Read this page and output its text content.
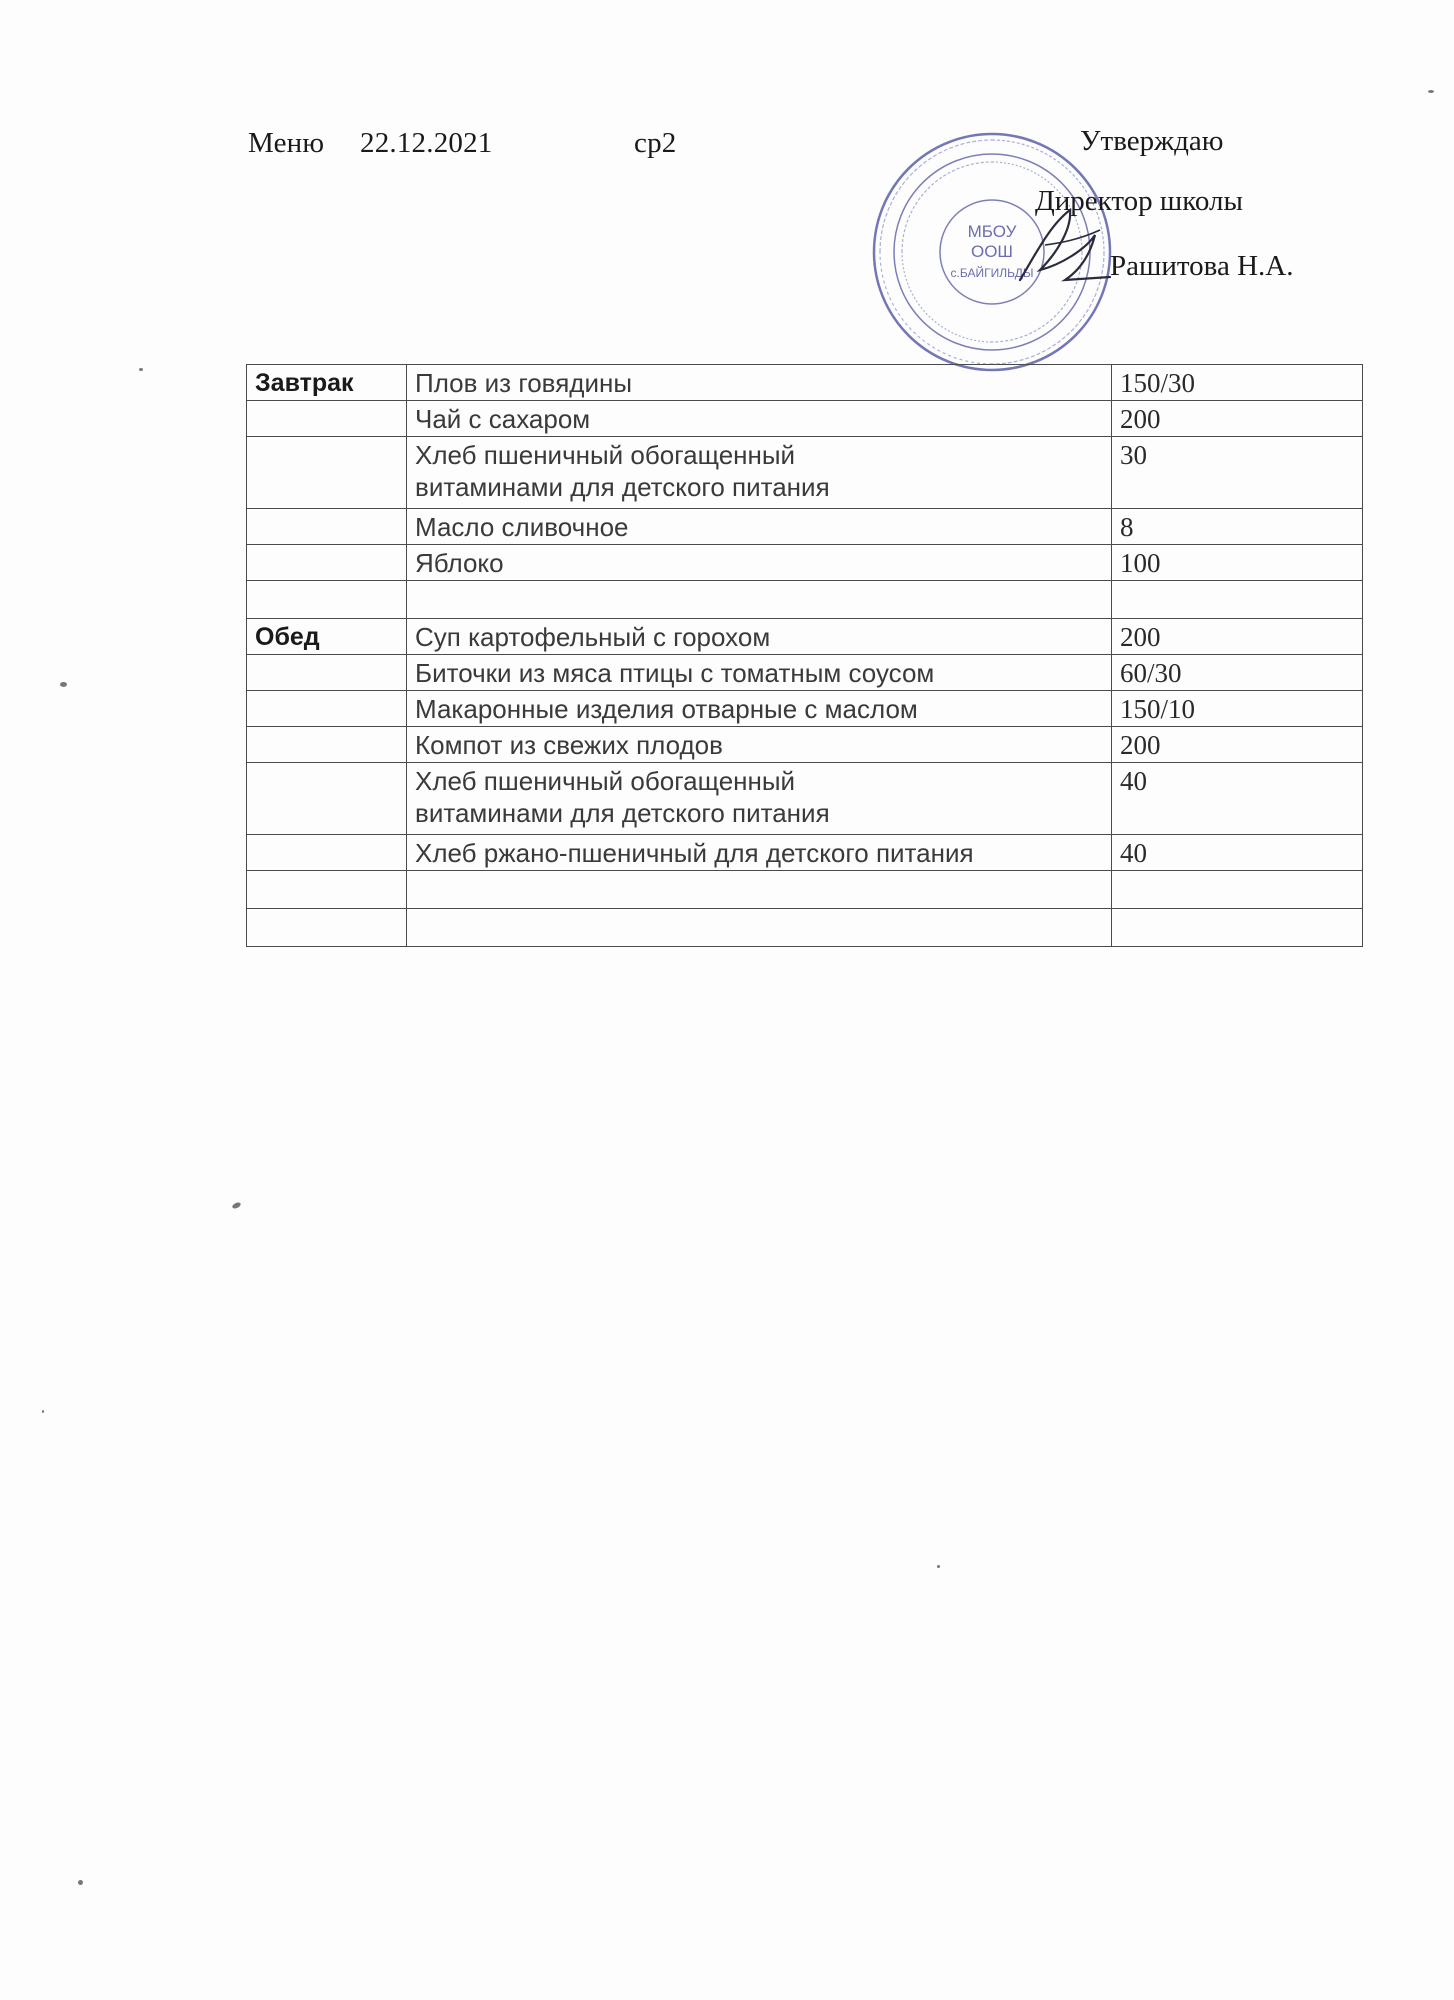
Меню 22.12.2021	ср2
МБОУ
ООШ
с.БАЙГИЛЬДЫ
Утверждаю
Директор школы
Рашитова Н.А.
Завтрак	Плов из говядины	150/30
	Чай с сахаром	200
	Хлеб пшеничный обогащенный
витаминами для детского питания	30
	Масло сливочное	8
	Яблоко	100

Обед	Суп картофельный с горохом	200
	Биточки из мяса птицы с томатным соусом	60/30
	Макаронные изделия отварные с маслом	150/10
	Компот из свежих плодов	200
	Хлеб пшеничный обогащенный
витаминами для детского питания	40
	Хлеб ржано-пшеничный для детского питания	40
